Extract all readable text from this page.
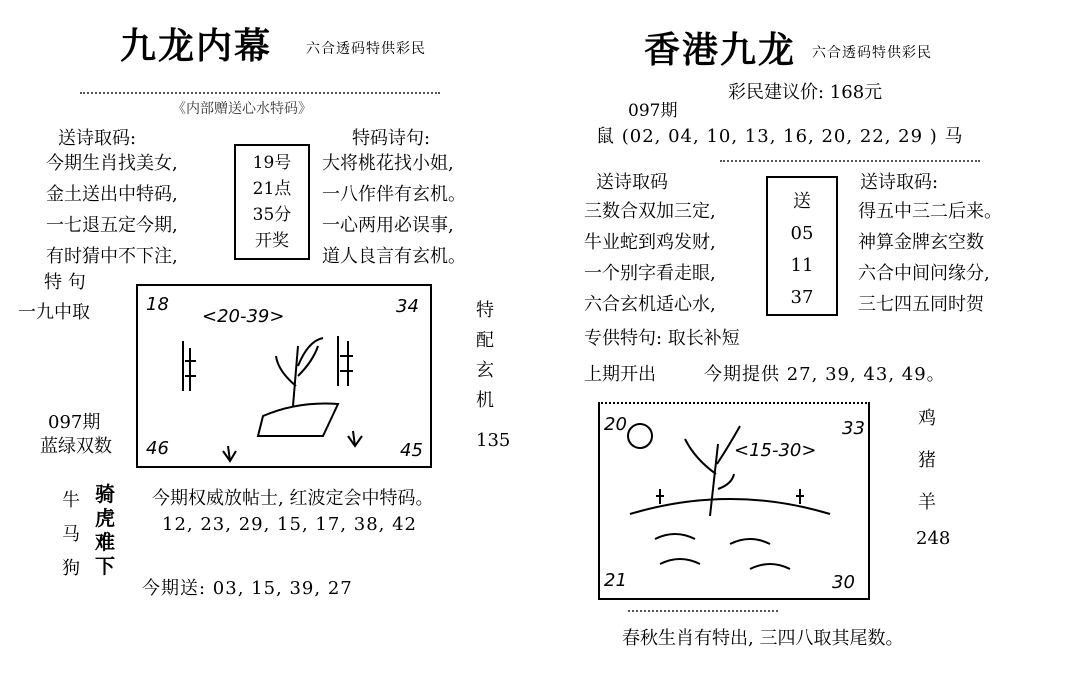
九龙内幕 六合透码特供彩民
《内部赠送心水特码》
送诗取码:	特码诗句:
今期生肖找美女,
金土送出中特码,
一七退五定今期,
有时猜中不下注,
19号
21点
35分
开奖
大将桃花找小姐,
一八作伴有玄机。
一心两用必误事,
道人良言有玄机。
特 句
一九中取
097期
蓝绿双数
18
<20-39>	34
46	45
特
配
玄
机
135
牛
马
狗
骑
虎
难
下
今期权威放帖士, 红波定会中特码。
12, 23, 29, 15, 17, 38, 42
今期送: 03, 15, 39, 27
香港九龙 六合透码特供彩民
彩民建议价: 168元
097期
鼠 (02, 04, 10, 13, 16, 20, 22, 29 ) 马
送诗取码	送诗取码:
三数合双加三定,
牛业蛇到鸡发财,
一个别字看走眼,
六合玄机适心水,
送
05
11
37
得五中三二后来。
神算金牌玄空数
六合中间问缘分,
三七四五同时贺
专供特句: 取长补短
上期开出	今期提供 27, 39, 43, 49。
20
<15-30>
33
21	30
鸡
猪
羊
248
春秋生肖有特出, 三四八取其尾数。
